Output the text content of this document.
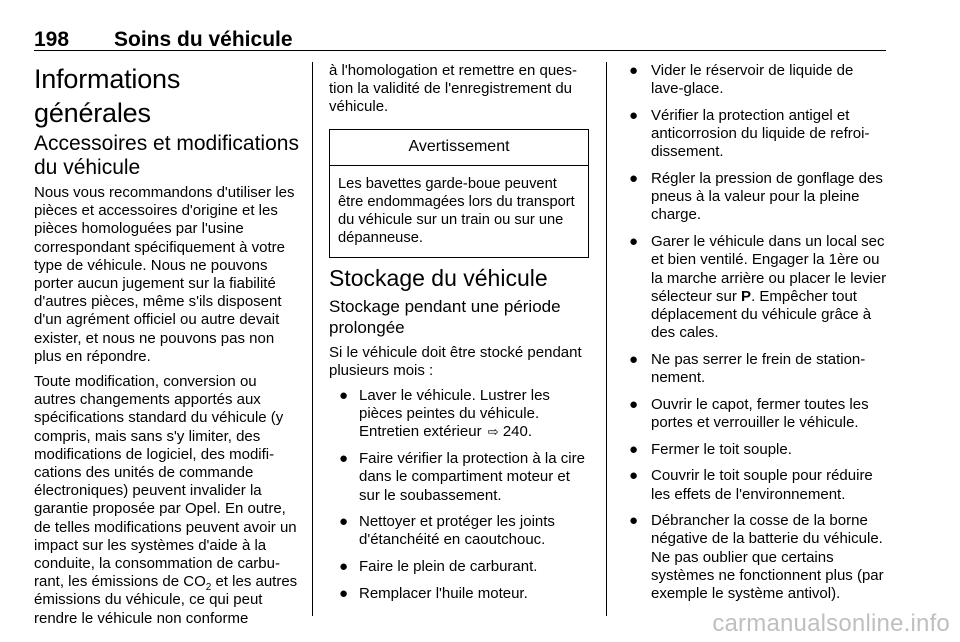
198 Soins du véhicule
Informations générales
Accessoires et modifications du véhicule

Nous vous recommandons d'utiliser les pièces et accessoires d'origine et les pièces homologuées par l'usine correspondant spécifiquement à votre type de véhicule. Nous ne pouvons porter aucun jugement sur la fiabilité d'autres pièces, même s'ils disposent d'un agrément officiel ou autre devait exister, et nous ne pouvons pas non plus en répondre.

Toute modification, conversion ou autres changements apportés aux spécifications standard du véhicule (y compris, mais sans s'y limiter, des modifications de logiciel, des modifications des unités de commande électroniques) peuvent invalider la garantie proposée par Opel. En outre, de telles modifications peuvent avoir un impact sur les systèmes d'aide à la conduite, la consommation de carburant, les émissions de $CO_2$ et les autres émissions du véhicule, ce qui peut rendre le véhicule non conforme

à l'homologation et remettre en question la validité de l'enregistrement du véhicule.

Avertissement
Les bavettes garde-boue peuvent être endommagées lors du transport du véhicule sur un train ou sur une dépanneuse.
Stockage du véhicule
Stockage pendant une période prolongée

Si le véhicule doit être stocké pendant plusieurs mois :

● Laver le véhicule. Lustrer les pièces peintes du véhicule. Entretien extérieur ⇨ 240.
● Faire vérifier la protection à la cire dans le compartiment moteur et sur le soubassement.
● Nettoyer et protéger les joints d'étanchéité en caoutchouc.
● Faire le plein de carburant.
● Remplacer l'huile moteur.
● Vider le réservoir de liquide de lave-glace.
● Vérifier la protection antigel et anticorrosion du liquide de refroidissement.
● Régler la pression de gonflage des pneus à la valeur pour la pleine charge.
● Garer le véhicule dans un local sec et bien ventilé. Engager la 1ère ou la marche arrière ou placer le levier sélecteur sur P. Empêcher tout déplacement du véhicule grâce à des cales.
● Ne pas serrer le frein de stationnement.
● Ouvrir le capot, fermer toutes les portes et verrouiller le véhicule.
● Fermer le toit souple.
● Couvrir le toit souple pour réduire les effets de l'environnement.
● Débrancher la cosse de la borne négative de la batterie du véhicule. Ne pas oublier que certains systèmes ne fonctionnent plus (par exemple le système antivol).
carmanualsonline.info
